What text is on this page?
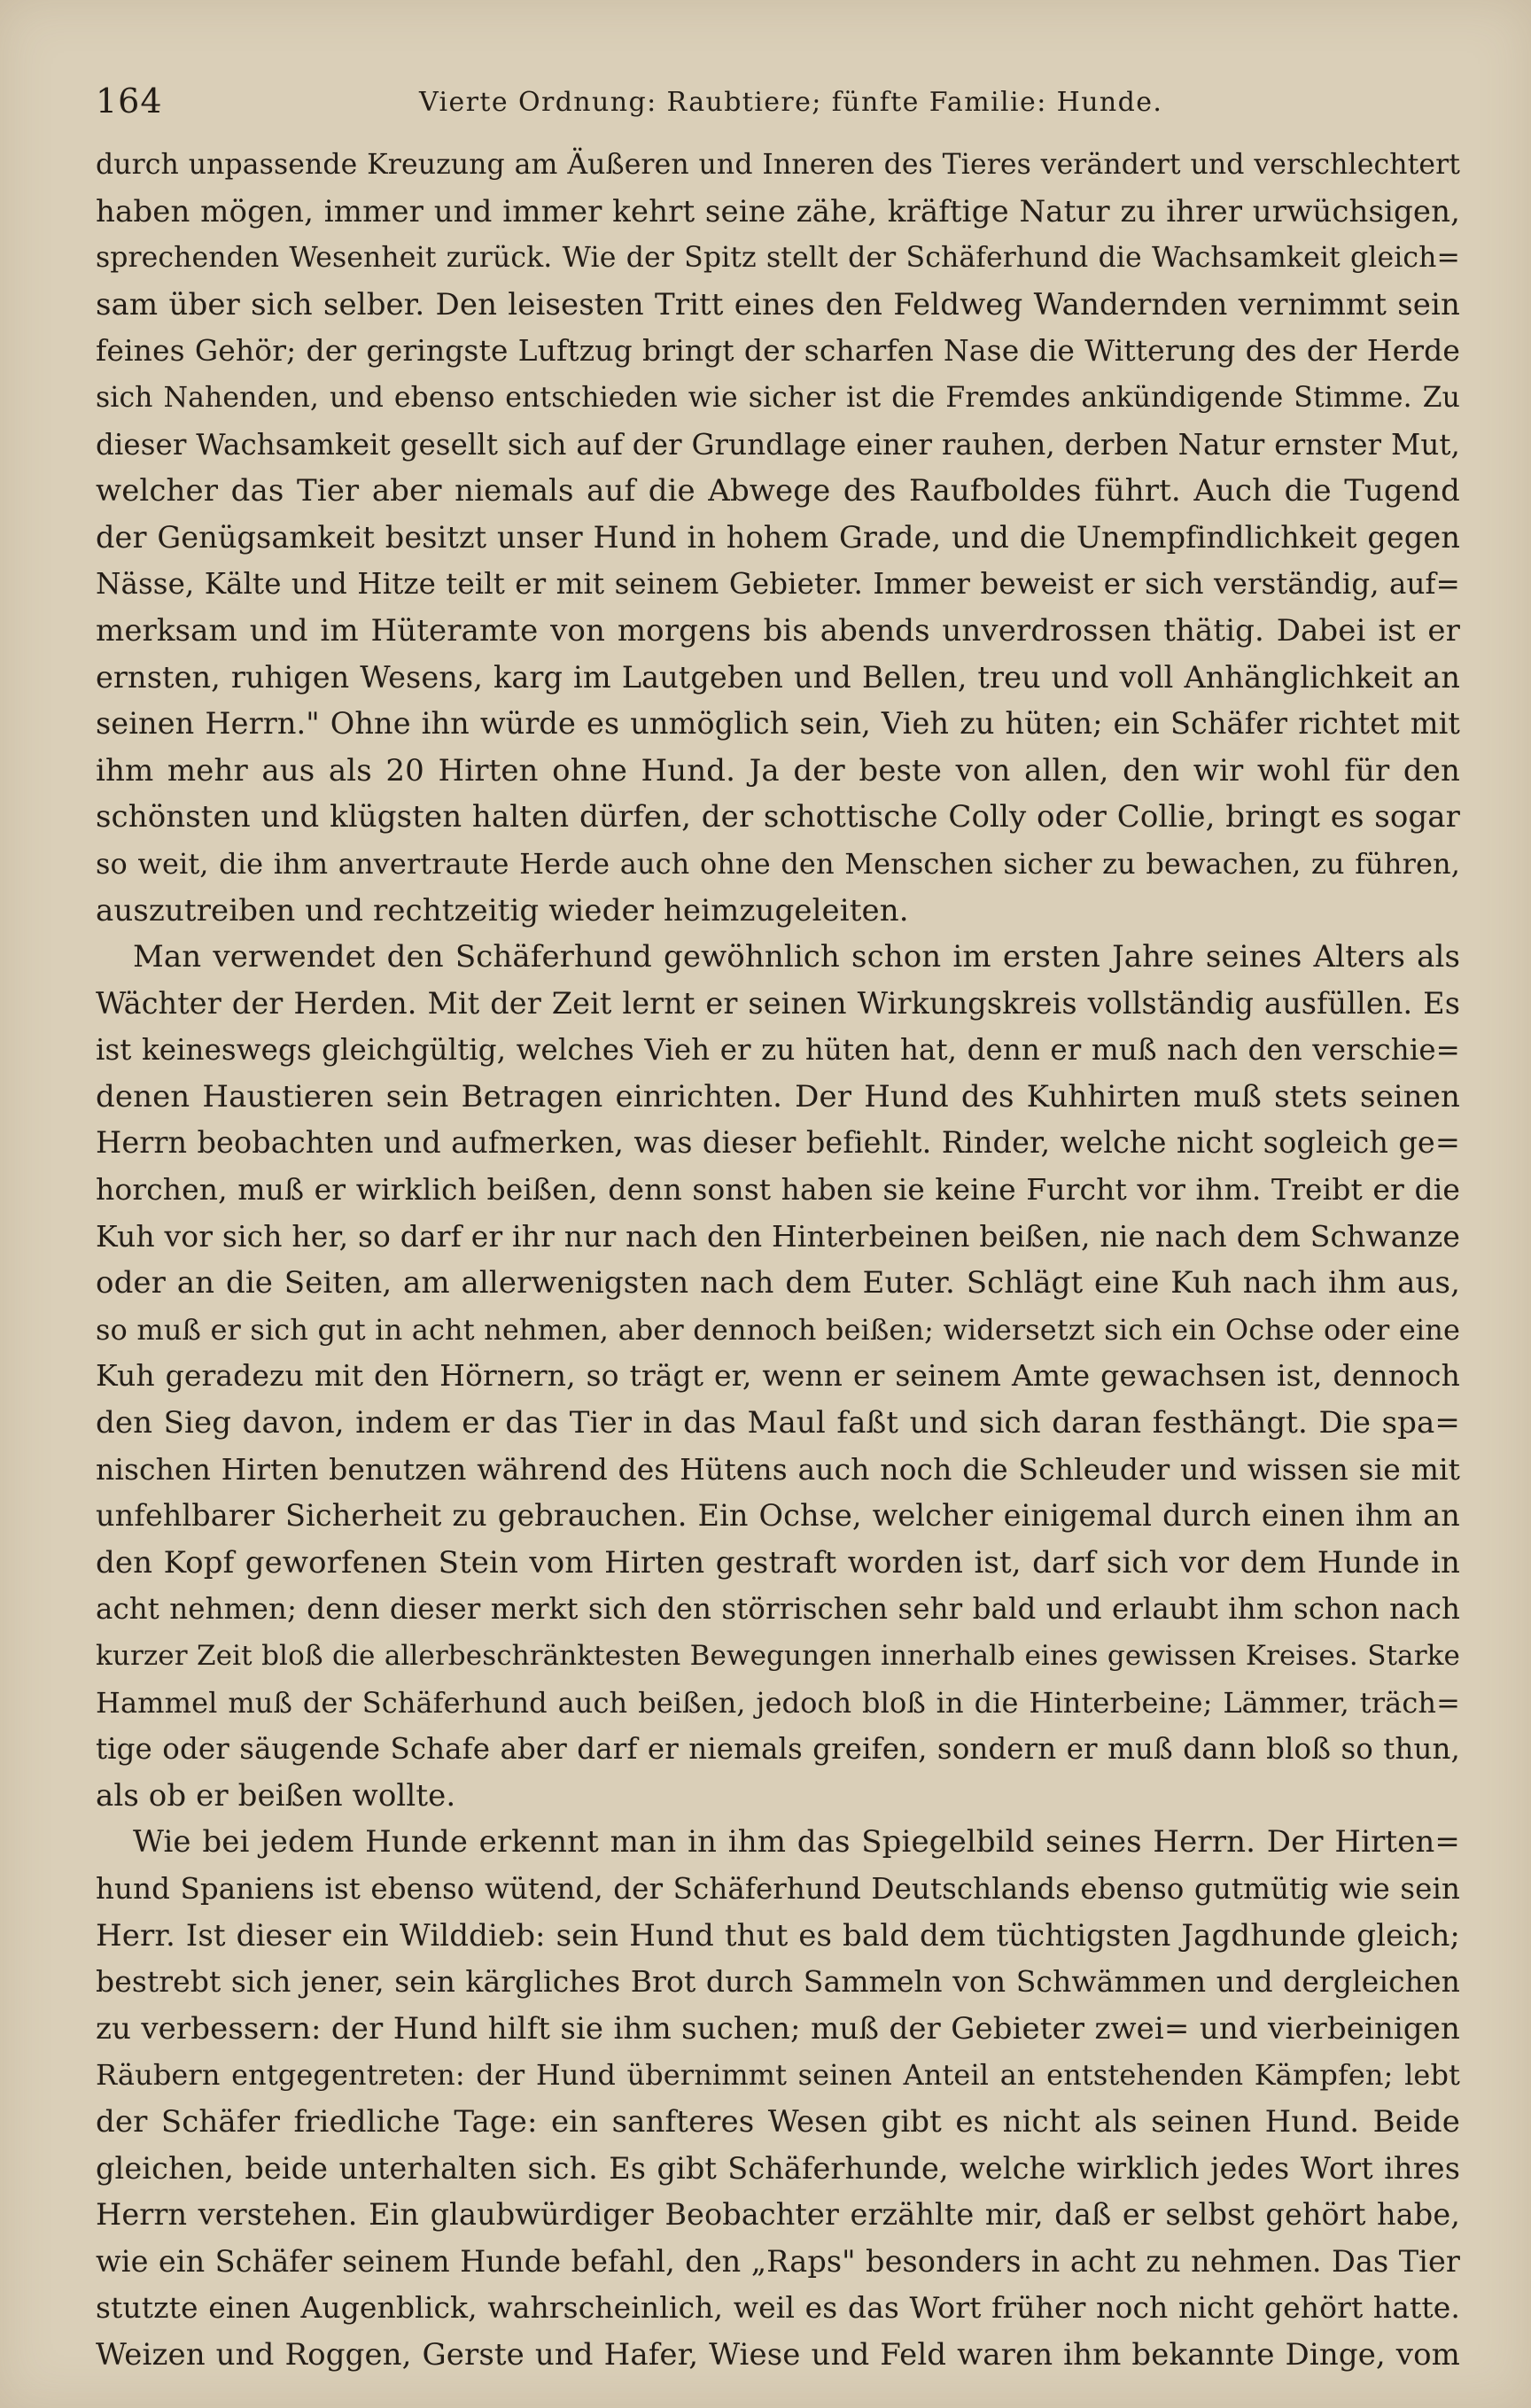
164	Vierte Ordnung: Raubtiere; fünfte Familie: Hunde.
durch unpassende Kreuzung am Äußeren und Inneren des Tieres verändert und verschlechtert
haben mögen, immer und immer kehrt seine zähe, kräftige Natur zu ihrer urwüchsigen,
sprechenden Wesenheit zurück. Wie der Spitz stellt der Schäferhund die Wachsamkeit gleich=
sam über sich selber. Den leisesten Tritt eines den Feldweg Wandernden vernimmt sein
feines Gehör; der geringste Luftzug bringt der scharfen Nase die Witterung des der Herde
sich Nahenden, und ebenso entschieden wie sicher ist die Fremdes ankündigende Stimme. Zu
dieser Wachsamkeit gesellt sich auf der Grundlage einer rauhen, derben Natur ernster Mut,
welcher das Tier aber niemals auf die Abwege des Raufboldes führt. Auch die Tugend
der Genügsamkeit besitzt unser Hund in hohem Grade, und die Unempfindlichkeit gegen
Nässe, Kälte und Hitze teilt er mit seinem Gebieter. Immer beweist er sich verständig, auf=
merksam und im Hüteramte von morgens bis abends unverdrossen thätig. Dabei ist er
ernsten, ruhigen Wesens, karg im Lautgeben und Bellen, treu und voll Anhänglichkeit an
seinen Herrn." Ohne ihn würde es unmöglich sein, Vieh zu hüten; ein Schäfer richtet mit
ihm mehr aus als 20 Hirten ohne Hund. Ja der beste von allen, den wir wohl für den
schönsten und klügsten halten dürfen, der schottische Colly oder Collie, bringt es sogar
so weit, die ihm anvertraute Herde auch ohne den Menschen sicher zu bewachen, zu führen,
auszutreiben und rechtzeitig wieder heimzugeleiten.
Man verwendet den Schäferhund gewöhnlich schon im ersten Jahre seines Alters als
Wächter der Herden. Mit der Zeit lernt er seinen Wirkungskreis vollständig ausfüllen. Es
ist keineswegs gleichgültig, welches Vieh er zu hüten hat, denn er muß nach den verschie=
denen Haustieren sein Betragen einrichten. Der Hund des Kuhhirten muß stets seinen
Herrn beobachten und aufmerken, was dieser befiehlt. Rinder, welche nicht sogleich ge=
horchen, muß er wirklich beißen, denn sonst haben sie keine Furcht vor ihm. Treibt er die
Kuh vor sich her, so darf er ihr nur nach den Hinterbeinen beißen, nie nach dem Schwanze
oder an die Seiten, am allerwenigsten nach dem Euter. Schlägt eine Kuh nach ihm aus,
so muß er sich gut in acht nehmen, aber dennoch beißen; widersetzt sich ein Ochse oder eine
Kuh geradezu mit den Hörnern, so trägt er, wenn er seinem Amte gewachsen ist, dennoch
den Sieg davon, indem er das Tier in das Maul faßt und sich daran festhängt. Die spa=
nischen Hirten benutzen während des Hütens auch noch die Schleuder und wissen sie mit
unfehlbarer Sicherheit zu gebrauchen. Ein Ochse, welcher einigemal durch einen ihm an
den Kopf geworfenen Stein vom Hirten gestraft worden ist, darf sich vor dem Hunde in
acht nehmen; denn dieser merkt sich den störrischen sehr bald und erlaubt ihm schon nach
kurzer Zeit bloß die allerbeschränktesten Bewegungen innerhalb eines gewissen Kreises. Starke
Hammel muß der Schäferhund auch beißen, jedoch bloß in die Hinterbeine; Lämmer, träch=
tige oder säugende Schafe aber darf er niemals greifen, sondern er muß dann bloß so thun,
als ob er beißen wollte.
Wie bei jedem Hunde erkennt man in ihm das Spiegelbild seines Herrn. Der Hirten=
hund Spaniens ist ebenso wütend, der Schäferhund Deutschlands ebenso gutmütig wie sein
Herr. Ist dieser ein Wilddieb: sein Hund thut es bald dem tüchtigsten Jagdhunde gleich;
bestrebt sich jener, sein kärgliches Brot durch Sammeln von Schwämmen und dergleichen
zu verbessern: der Hund hilft sie ihm suchen; muß der Gebieter zwei= und vierbeinigen
Räubern entgegentreten: der Hund übernimmt seinen Anteil an entstehenden Kämpfen; lebt
der Schäfer friedliche Tage: ein sanfteres Wesen gibt es nicht als seinen Hund. Beide
gleichen, beide unterhalten sich. Es gibt Schäferhunde, welche wirklich jedes Wort ihres
Herrn verstehen. Ein glaubwürdiger Beobachter erzählte mir, daß er selbst gehört habe,
wie ein Schäfer seinem Hunde befahl, den „Raps" besonders in acht zu nehmen. Das Tier
stutzte einen Augenblick, wahrscheinlich, weil es das Wort früher noch nicht gehört hatte.
Weizen und Roggen, Gerste und Hafer, Wiese und Feld waren ihm bekannte Dinge, vom
